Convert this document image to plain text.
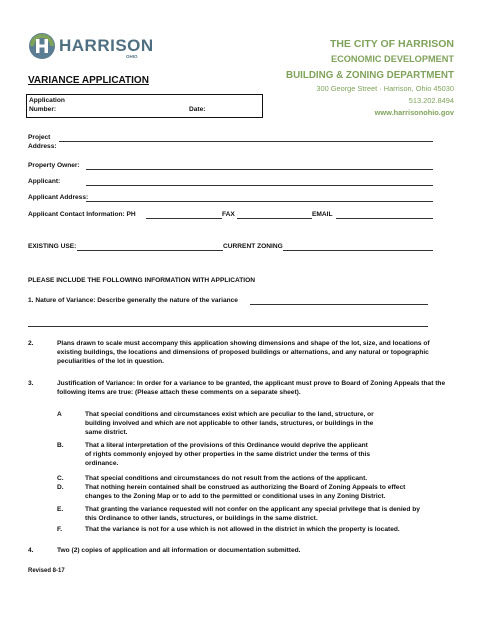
HARRISON
OHIO
THE CITY OF HARRISON
ECONOMIC DEVELOPMENT
BUILDING & ZONING DEPARTMENT
300 George Street · Harrison, Ohio 45030
513.202.8494
www.harrisonohio.gov
VARIANCE APPLICATION
Application Number:	Date:
Project Address:
Property Owner:
Applicant:
Applicant Address:
Applicant Contact Information: PH	FAX	EMAIL
EXISTING USE:	CURRENT ZONING
PLEASE INCLUDE THE FOLLOWING INFORMATION WITH APPLICATION
1. Nature of Variance: Describe generally the nature of the variance
2.	Plans drawn to scale must accompany this application showing dimensions and shape of the lot, size, and locations of existing buildings, the locations and dimensions of proposed buildings or alternations, and any natural or topographic peculiarities of the lot in question.
3.	Justification of Variance: In order for a variance to be granted, the applicant must prove to Board of Zoning Appeals that the following items are true: (Please attach these comments on a separate sheet).
A	That special conditions and circumstances exist which are peculiar to the land, structure, or building involved and which are not applicable to other lands, structures, or buildings in the same district.
B.	That a literal interpretation of the provisions of this Ordinance would deprive the applicant of rights commonly enjoyed by other properties in the same district under the terms of this ordinance.
C.	That special conditions and circumstances do not result from the actions of the applicant.
D.	That nothing herein contained shall be construed as authorizing the Board of Zoning Appeals to effect changes to the Zoning Map or to add to the permitted or conditional uses in any Zoning District.
E.	That granting the variance requested will not confer on the applicant any special privilege that is denied by this Ordinance to other lands, structures, or buildings in the same district.
F.	That the variance is not for a use which is not allowed in the district in which the property is located.
4.	Two (2) copies of application and all information or documentation submitted.
Revised 8-17
